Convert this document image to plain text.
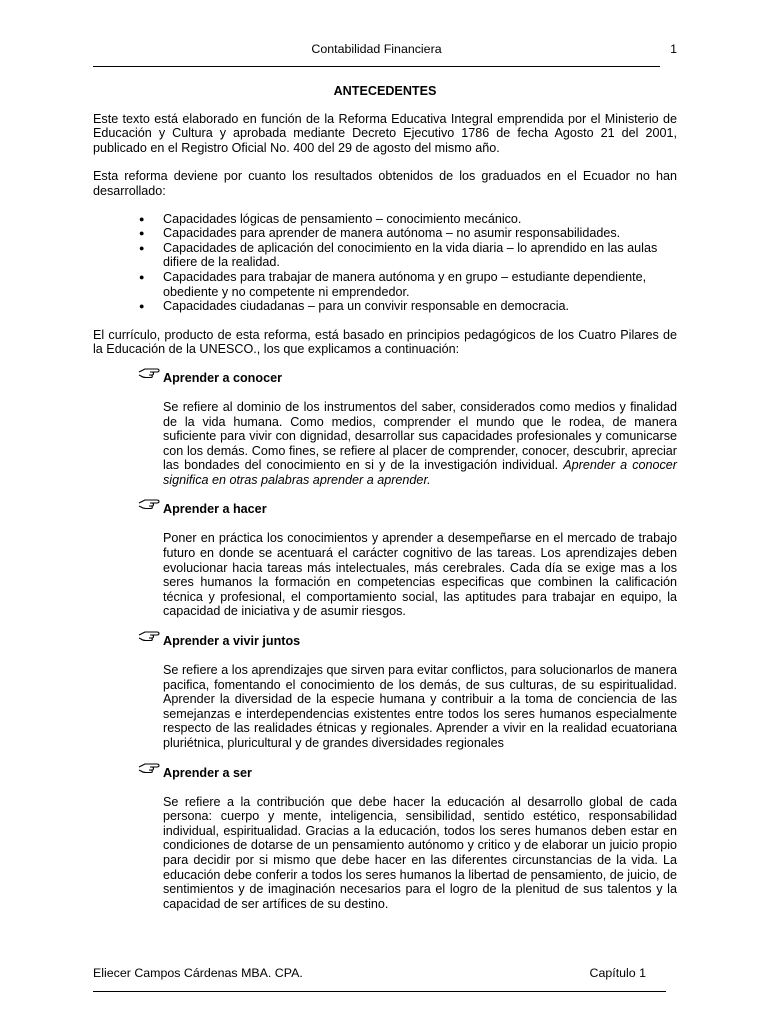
Contabilidad Financiera	1
ANTECEDENTES

Este texto está elaborado en función de la Reforma Educativa Integral emprendida por el Ministerio de Educación y Cultura y aprobada mediante Decreto Ejecutivo 1786 de fecha Agosto 21 del 2001, publicado en el Registro Oficial No. 400 del 29 de agosto del mismo año.

Esta reforma deviene por cuanto los resultados obtenidos de los graduados en el Ecuador no han desarrollado:

● Capacidades lógicas de pensamiento – conocimiento mecánico.
● Capacidades para aprender de manera autónoma – no asumir responsabilidades.
● Capacidades de aplicación del conocimiento en la vida diaria – lo aprendido en las aulas difiere de la realidad.
● Capacidades para trabajar de manera autónoma y en grupo – estudiante dependiente, obediente y no competente ni emprendedor.
● Capacidades ciudadanas – para un convivir responsable en democracia.

El currículo, producto de esta reforma, está basado en principios pedagógicos de los Cuatro Pilares de la Educación de la UNESCO., los que explicamos a continuación:

Aprender a conocer
Se refiere al dominio de los instrumentos del saber, considerados como medios y finalidad de la vida humana. Como medios, comprender el mundo que le rodea, de manera suficiente para vivir con dignidad, desarrollar sus capacidades profesionales y comunicarse con los demás. Como fines, se refiere al placer de comprender, conocer, descubrir, apreciar las bondades del conocimiento en si y de la investigación individual. Aprender a conocer significa en otras palabras aprender a aprender.
Aprender a hacer
Poner en práctica los conocimientos y aprender a desempeñarse en el mercado de trabajo futuro en donde se acentuará el carácter cognitivo de las tareas. Los aprendizajes deben evolucionar hacia tareas más intelectuales, más cerebrales. Cada día se exige mas a los seres humanos la formación en competencias especificas que combinen la calificación técnica y profesional, el comportamiento social, las aptitudes para trabajar en equipo, la capacidad de iniciativa y de asumir riesgos.
Aprender a vivir juntos
Se refiere a los aprendizajes que sirven para evitar conflictos, para solucionarlos de manera pacifica, fomentando el conocimiento de los demás, de sus culturas, de su espiritualidad. Aprender la diversidad de la especie humana y contribuir a la toma de conciencia de las semejanzas e interdependencias existentes entre todos los seres humanos especialmente respecto de las realidades étnicas y regionales. Aprender a vivir en la realidad ecuatoriana pluriétnica, pluricultural y de grandes diversidades regionales
Aprender a ser
Se refiere a la contribución que debe hacer la educación al desarrollo global de cada persona: cuerpo y mente, inteligencia, sensibilidad, sentido estético, responsabilidad individual, espiritualidad. Gracias a la educación, todos los seres humanos deben estar en condiciones de dotarse de un pensamiento autónomo y critico y de elaborar un juicio propio para decidir por si mismo que debe hacer en las diferentes circunstancias de la vida. La educación debe conferir a todos los seres humanos la libertad de pensamiento, de juicio, de sentimientos y de imaginación necesarios para el logro de la plenitud de sus talentos y la capacidad de ser artífices de su destino.
Eliecer Campos Cárdenas MBA. CPA.	Capítulo 1
